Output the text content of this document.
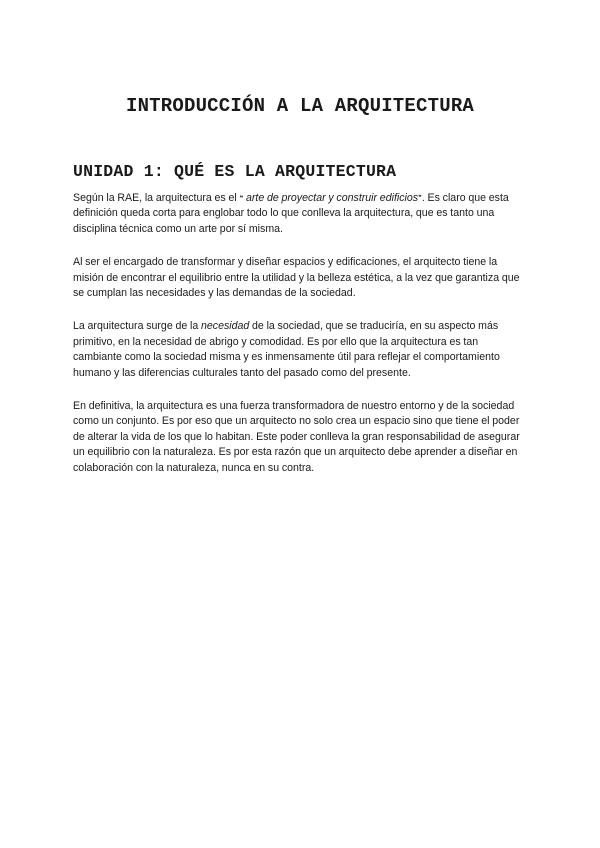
INTRODUCCIÓN A LA ARQUITECTURA
UNIDAD 1: QUÉ ES LA ARQUITECTURA

Según la RAE, la arquitectura es el ❝ arte de proyectar y construir edificios❞. Es claro que esta definición queda corta para englobar todo lo que conlleva la arquitectura, que es tanto una disciplina técnica como un arte por sí misma.

Al ser el encargado de transformar y diseñar espacios y edificaciones, el arquitecto tiene la misión de encontrar el equilibrio entre la utilidad y la belleza estética, a la vez que garantiza que se cumplan las necesidades y las demandas de la sociedad.

La arquitectura surge de la necesidad de la sociedad, que se traduciría, en su aspecto más primitivo, en la necesidad de abrigo y comodidad. Es por ello que la arquitectura es tan cambiante como la sociedad misma y es inmensamente útil para reflejar el comportamiento humano y las diferencias culturales tanto del pasado como del presente.

En definitiva, la arquitectura es una fuerza transformadora de nuestro entorno y de la sociedad como un conjunto. Es por eso que un arquitecto no solo crea un espacio sino que tiene el poder de alterar la vida de los que lo habitan. Este poder conlleva la gran responsabilidad de asegurar un equilibrio con la naturaleza. Es por esta razón que un arquitecto debe aprender a diseñar en colaboración con la naturaleza, nunca en su contra.
